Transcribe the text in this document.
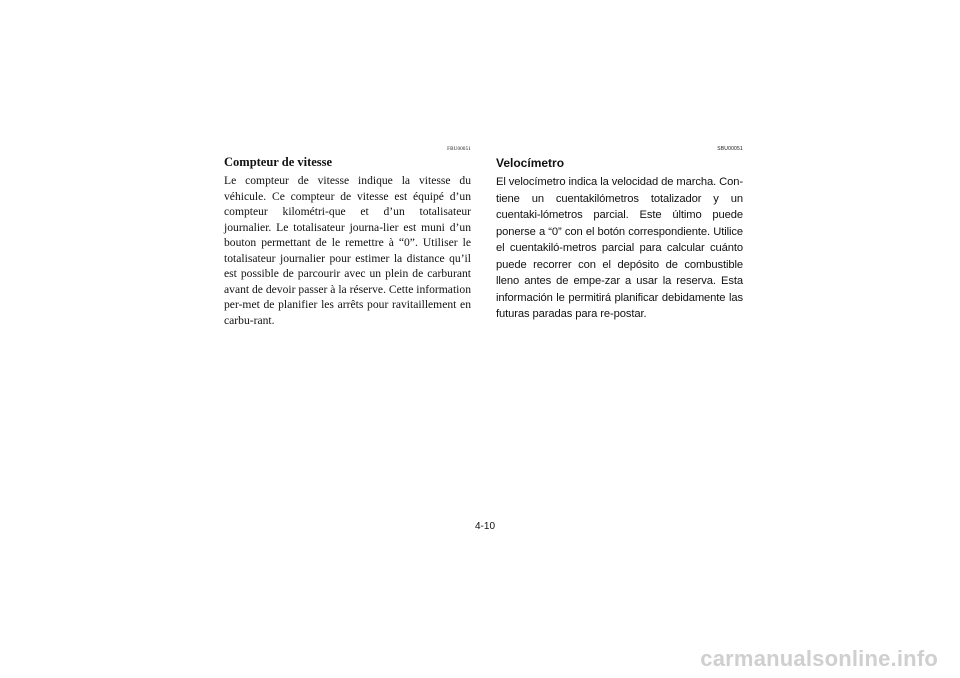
FBU00051
Compteur de vitesse

Le compteur de vitesse indique la vitesse du véhicule. Ce compteur de vitesse est équipé d’un compteur kilométri-que et d’un totalisateur journalier. Le totalisateur journa-lier est muni d’un bouton permettant de le remettre à “0”. Utiliser le totalisateur journalier pour estimer la distance qu’il est possible de parcourir avec un plein de carburant avant de devoir passer à la réserve. Cette information per-met de planifier les arrêts pour ravitaillement en carbu-rant.

SBU00051
Velocímetro

El velocímetro indica la velocidad de marcha. Con-tiene un cuentakilómetros totalizador y un cuentaki-lómetros parcial. Este último puede ponerse a “0” con el botón correspondiente. Utilice el cuentakiló-metros parcial para calcular cuánto puede recorrer con el depósito de combustible lleno antes de empe-zar a usar la reserva. Esta información le permitirá planificar debidamente las futuras paradas para re-postar.

4-10
carmanualsonline.info
